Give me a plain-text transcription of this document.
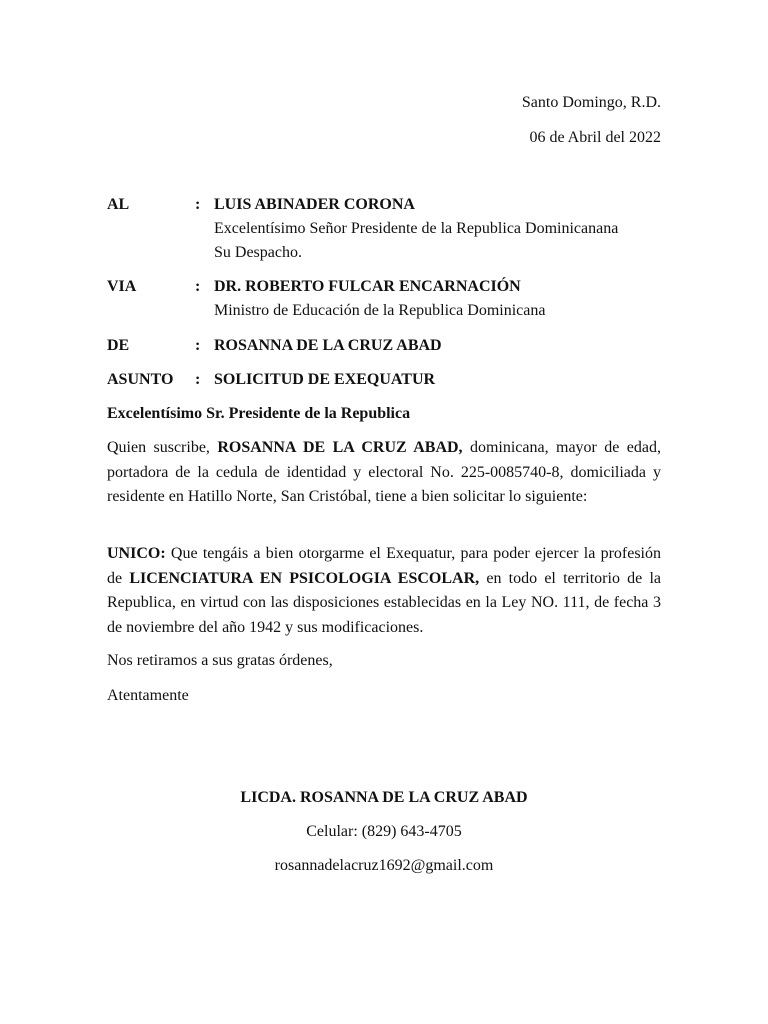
Santo Domingo, R.D.
06 de Abril del 2022
AL	: LUIS ABINADER CORONA
Excelentísimo Señor Presidente de la Republica Dominicanana
Su Despacho.
VIA	: DR. ROBERTO FULCAR ENCARNACIÓN
Ministro de Educación de la Republica Dominicana
DE	: ROSANNA DE LA CRUZ ABAD
ASUNTO : SOLICITUD DE EXEQUATUR
Excelentísimo Sr. Presidente de la Republica
Quien suscribe, ROSANNA DE LA CRUZ ABAD, dominicana, mayor de edad, portadora de la cedula de identidad y electoral No. 225-0085740-8, domiciliada y residente en Hatillo Norte, San Cristóbal, tiene a bien solicitar lo siguiente:
UNICO: Que tengáis a bien otorgarme el Exequatur, para poder ejercer la profesión de LICENCIATURA EN PSICOLOGIA ESCOLAR, en todo el territorio de la Republica, en virtud con las disposiciones establecidas en la Ley NO. 111, de fecha 3 de noviembre del año 1942 y sus modificaciones.
Nos retiramos a sus gratas órdenes,
Atentamente
LICDA. ROSANNA DE LA CRUZ ABAD
Celular: (829) 643-4705
rosannadelacruz1692@gmail.com
